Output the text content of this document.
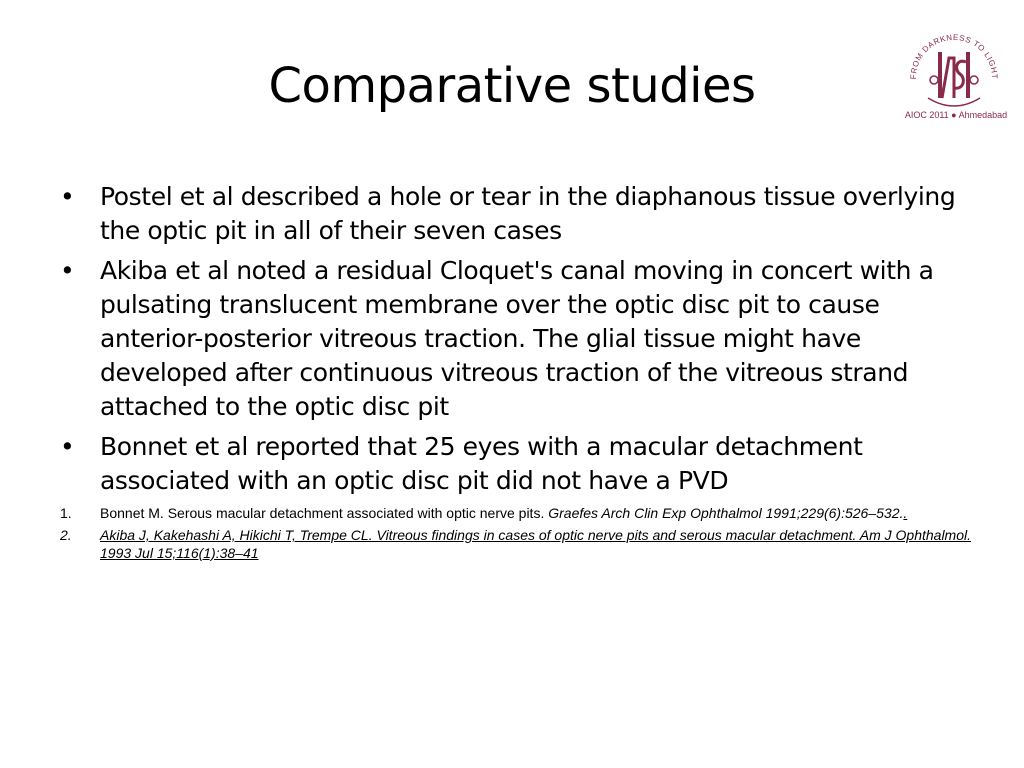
Comparative studies	FROM DARKNESS TO LIGHT
AIOC 2011 ● Ahmedabad
•	Postel et al described a hole or tear in the diaphanous tissue overlying the optic pit in all of their seven cases
•	Akiba et al noted a residual Cloquet's canal moving in concert with a pulsating translucent membrane over the optic disc pit to cause anterior-posterior vitreous traction. The glial tissue might have developed after continuous vitreous traction of the vitreous strand attached to the optic disc pit
•	Bonnet et al reported that 25 eyes with a macular detachment associated with an optic disc pit did not have a PVD
1. Bonnet M. Serous macular detachment associated with optic nerve pits. Graefes Arch Clin Exp Ophthalmol 1991;229(6):526–532..
2. Akiba J, Kakehashi A, Hikichi T, Trempe CL. Vitreous findings in cases of optic nerve pits and serous macular detachment. Am J Ophthalmol. 1993 Jul 15;116(1):38–41
